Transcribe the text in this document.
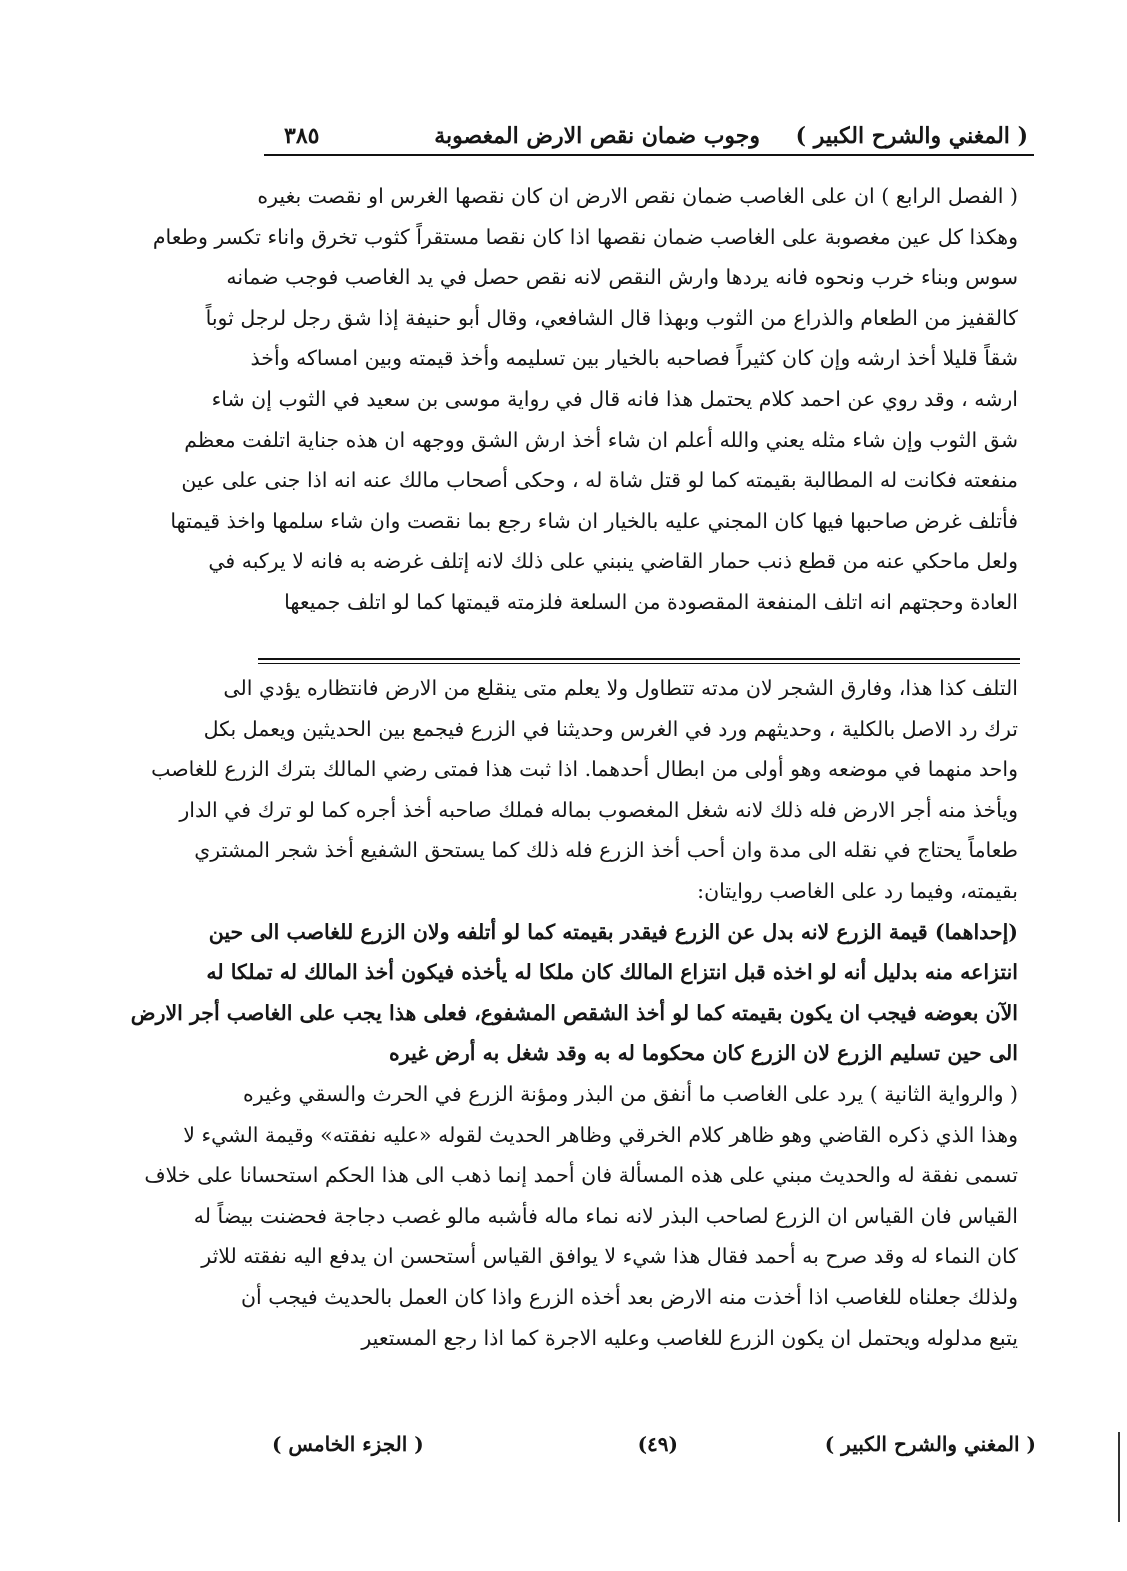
( المغني والشرح الكبير )
وجوب ضمان نقص الارض المغصوبة
٣٨٥
( الفصل الرابع ) ان على الغاصب ضمان نقص الارض ان كان نقصها الغرس او نقصت بغيره
وهكذا كل عين مغصوبة على الغاصب ضمان نقصها اذا كان نقصا مستقراً كثوب تخرق واناء تكسر وطعام
سوس وبناء خرب ونحوه فانه يردها وارش النقص لانه نقص حصل في يد الغاصب فوجب ضمانه
كالقفيز من الطعام والذراع من الثوب وبهذا قال الشافعي، وقال أبو حنيفة إذا شق رجل لرجل ثوباً
شقاً قليلا أخذ ارشه وإن كان كثيراً فصاحبه بالخيار بين تسليمه وأخذ قيمته وبين امساكه وأخذ
ارشه ، وقد روي عن احمد كلام يحتمل هذا فانه قال في رواية موسى بن سعيد في الثوب إن شاء
شق الثوب وإن شاء مثله يعني والله أعلم ان شاء أخذ ارش الشق ووجهه ان هذه جناية اتلفت معظم
منفعته فكانت له المطالبة بقيمته كما لو قتل شاة له ، وحكى أصحاب مالك عنه انه اذا جنى على عين
فأتلف غرض صاحبها فيها كان المجني عليه بالخيار ان شاء رجع بما نقصت وان شاء سلمها واخذ قيمتها
ولعل ماحكي عنه من قطع ذنب حمار القاضي ينبني على ذلك لانه إتلف غرضه به فانه لا يركبه في
العادة وحجتهم انه اتلف المنفعة المقصودة من السلعة فلزمته قيمتها كما لو اتلف جميعها
التلف كذا هذا، وفارق الشجر لان مدته تتطاول ولا يعلم متى ينقلع من الارض فانتظاره يؤدي الى
ترك رد الاصل بالكلية ، وحديثهم ورد في الغرس وحديثنا في الزرع فيجمع بين الحديثين ويعمل بكل
واحد منهما في موضعه وهو أولى من ابطال أحدهما. اذا ثبت هذا فمتى رضي المالك بترك الزرع للغاصب
ويأخذ منه أجر الارض فله ذلك لانه شغل المغصوب بماله فملك صاحبه أخذ أجره كما لو ترك في الدار
طعاماً يحتاج في نقله الى مدة وان أحب أخذ الزرع فله ذلك كما يستحق الشفيع أخذ شجر المشتري
بقيمته، وفيما رد على الغاصب روايتان:
(إحداهما) قيمة الزرع لانه بدل عن الزرع فيقدر بقيمته كما لو أتلفه ولان الزرع للغاصب الى حين
انتزاعه منه بدليل أنه لو اخذه قبل انتزاع المالك كان ملكا له يأخذه فيكون أخذ المالك له تملكا له
الآن بعوضه فيجب ان يكون بقيمته كما لو أخذ الشقص المشفوع، فعلى هذا يجب على الغاصب أجر الارض
الى حين تسليم الزرع لان الزرع كان محكوما له به وقد شغل به أرض غيره
( والرواية الثانية ) يرد على الغاصب ما أنفق من البذر ومؤنة الزرع في الحرث والسقي وغيره
وهذا الذي ذكره القاضي وهو ظاهر كلام الخرقي وظاهر الحديث لقوله «عليه نفقته» وقيمة الشيء لا
تسمى نفقة له والحديث مبني على هذه المسألة فان أحمد إنما ذهب الى هذا الحكم استحسانا على خلاف
القياس فان القياس ان الزرع لصاحب البذر لانه نماء ماله فأشبه مالو غصب دجاجة فحضنت بيضاً له
كان النماء له وقد صرح به أحمد فقال هذا شيء لا يوافق القياس أستحسن ان يدفع اليه نفقته للاثر
ولذلك جعلناه للغاصب اذا أخذت منه الارض بعد أخذه الزرع واذا كان العمل بالحديث فيجب أن
يتبع مدلوله ويحتمل ان يكون الزرع للغاصب وعليه الاجرة كما اذا رجع المستعير
( المغني والشرح الكبير )
(٤٩)
( الجزء الخامس )
